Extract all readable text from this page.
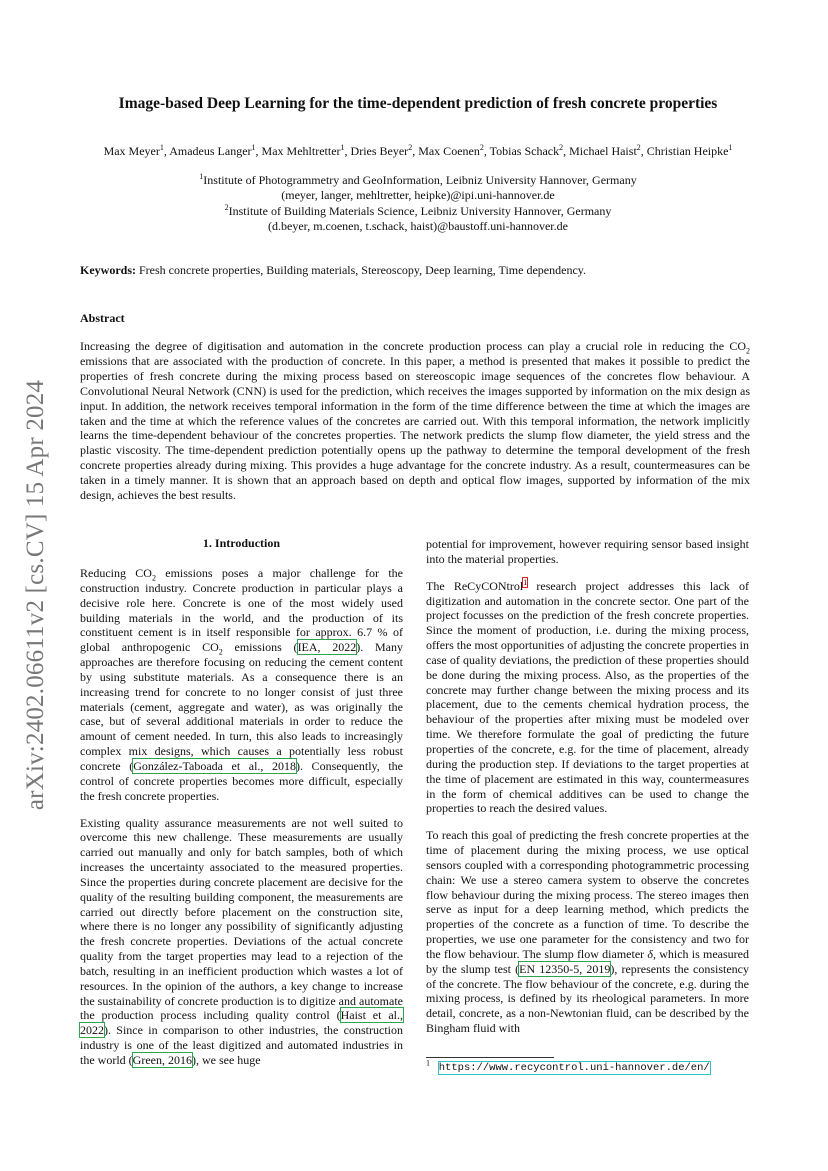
arXiv:2402.06611v2 [cs.CV] 15 Apr 2024
Image-based Deep Learning for the time-dependent prediction of fresh concrete properties
Max Meyer$^1$, Amadeus Langer$^1$, Max Mehltretter$^1$, Dries Beyer$^2$, Max Coenen$^2$, Tobias Schack$^2$, Michael Haist$^2$, Christian Heipke$^1$
$^1$Institute of Photogrammetry and GeoInformation, Leibniz University Hannover, Germany
(meyer, langer, mehltretter, heipke)@ipi.uni-hannover.de
$^2$Institute of Building Materials Science, Leibniz University Hannover, Germany
(d.beyer, m.coenen, t.schack, haist)@baustoff.uni-hannover.de
Keywords: Fresh concrete properties, Building materials, Stereoscopy, Deep learning, Time dependency.
Abstract
Increasing the degree of digitisation and automation in the concrete production process can play a crucial role in reducing the $CO_2$ emissions that are associated with the production of concrete. In this paper, a method is presented that makes it possible to predict the properties of fresh concrete during the mixing process based on stereoscopic image sequences of the concretes flow behaviour. A Convolutional Neural Network (CNN) is used for the prediction, which receives the images supported by information on the mix design as input. In addition, the network receives temporal information in the form of the time difference between the time at which the images are taken and the time at which the reference values of the concretes are carried out. With this temporal information, the network implicitly learns the time-dependent behaviour of the concretes properties. The network predicts the slump flow diameter, the yield stress and the plastic viscosity. The time-dependent prediction potentially opens up the pathway to determine the temporal development of the fresh concrete properties already during mixing. This provides a huge advantage for the concrete industry. As a result, countermeasures can be taken in a timely manner. It is shown that an approach based on depth and optical flow images, supported by information of the mix design, achieves the best results.
1. Introduction

Reducing $CO_2$ emissions poses a major challenge for the construction industry. Concrete production in particular plays a decisive role here. Concrete is one of the most widely used building materials in the world, and the production of its constituent cement is in itself responsible for approx. 6.7 % of global anthropogenic $CO_2$ emissions (IEA, 2022). Many approaches are therefore focusing on reducing the cement content by using substitute materials. As a consequence there is an increasing trend for concrete to no longer consist of just three materials (cement, aggregate and water), as was originally the case, but of several additional materials in order to reduce the amount of cement needed. In turn, this also leads to increasingly complex mix designs, which causes a potentially less robust concrete (González-Taboada et al., 2018). Consequently, the control of concrete properties becomes more difficult, especially the fresh concrete properties.

Existing quality assurance measurements are not well suited to overcome this new challenge. These measurements are usually carried out manually and only for batch samples, both of which increases the uncertainty associated to the measured properties. Since the properties during concrete placement are decisive for the quality of the resulting building component, the measurements are carried out directly before placement on the construction site, where there is no longer any possibility of significantly adjusting the fresh concrete properties. Deviations of the actual concrete quality from the target properties may lead to a rejection of the batch, resulting in an inefficient production which wastes a lot of resources. In the opinion of the authors, a key change to increase the sustainability of concrete production is to digitize and automate the production process including quality control (Haist et al., 2022). Since in comparison to other industries, the construction industry is one of the least digitized and automated industries in the world (Green, 2016), we see huge

potential for improvement, however requiring sensor based insight into the material properties.

The ReCyCONtrol$^1$ research project addresses this lack of digitization and automation in the concrete sector. One part of the project focusses on the prediction of the fresh concrete properties. Since the moment of production, i.e. during the mixing process, offers the most opportunities of adjusting the concrete properties in case of quality deviations, the prediction of these properties should be done during the mixing process. Also, as the properties of the concrete may further change between the mixing process and its placement, due to the cements chemical hydration process, the behaviour of the properties after mixing must be modeled over time. We therefore formulate the goal of predicting the future properties of the concrete, e.g. for the time of placement, already during the production step. If deviations to the target properties at the time of placement are estimated in this way, countermeasures in the form of chemical additives can be used to change the properties to reach the desired values.

To reach this goal of predicting the fresh concrete properties at the time of placement during the mixing process, we use optical sensors coupled with a corresponding photogrammetric processing chain: We use a stereo camera system to observe the concretes flow behaviour during the mixing process. The stereo images then serve as input for a deep learning method, which predicts the properties of the concrete as a function of time. To describe the properties, we use one parameter for the consistency and two for the flow behaviour. The slump flow diameter δ, which is measured by the slump test (EN 12350-5, 2019), represents the consistency of the concrete. The flow behaviour of the concrete, e.g. during the mixing process, is defined by its rheological parameters. In more detail, concrete, as a non-Newtonian fluid, can be described by the Bingham fluid with

$^1$ https://www.recycontrol.uni-hannover.de/en/
